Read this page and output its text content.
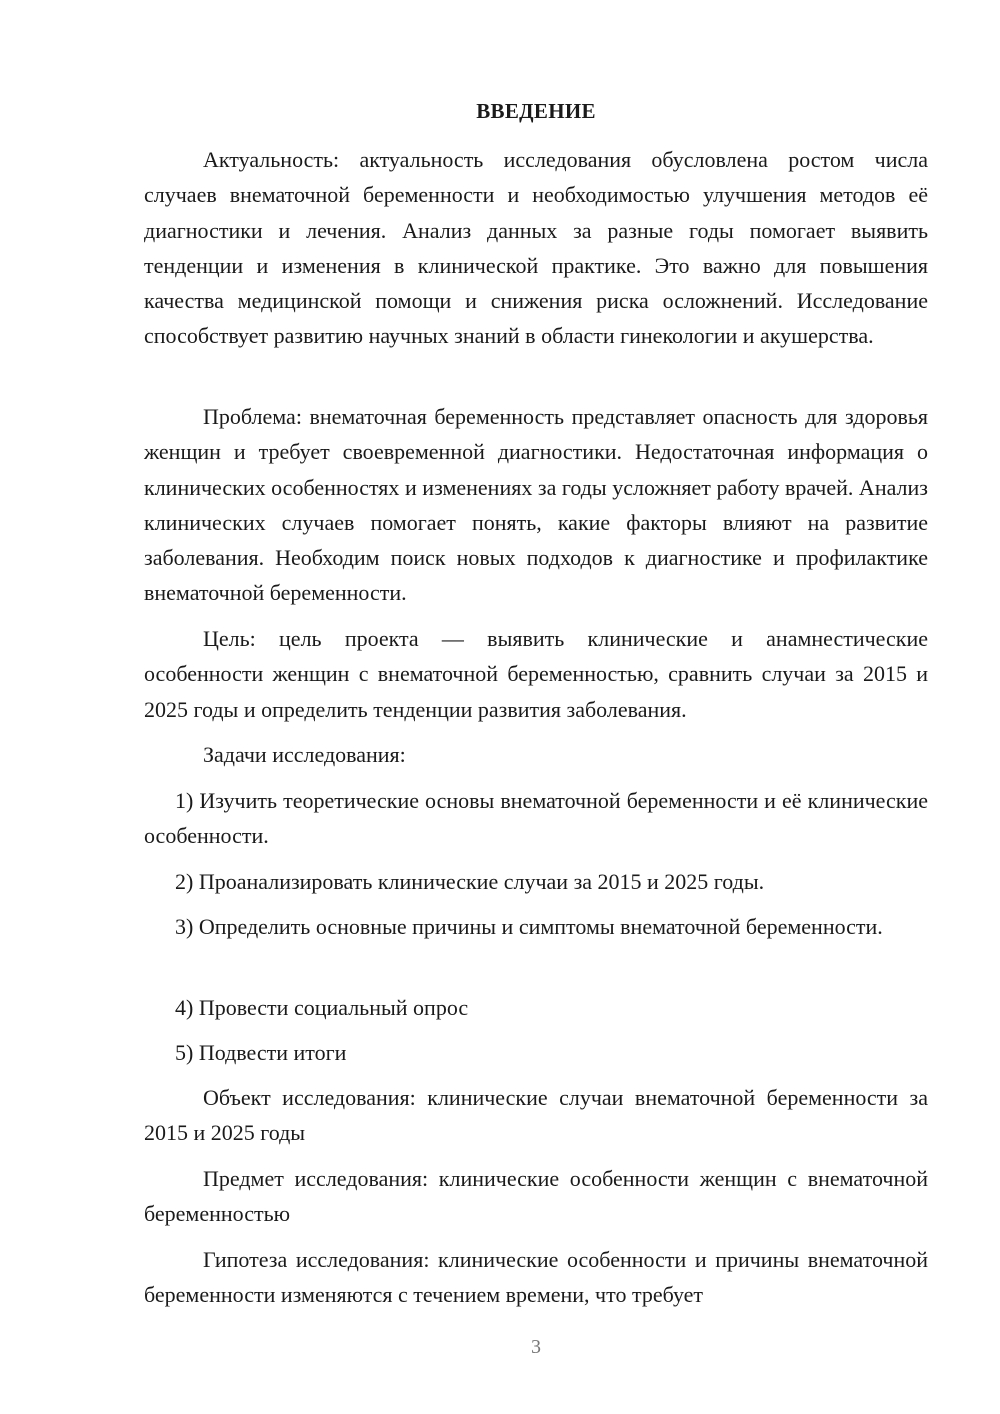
ВВЕДЕНИЕ

Актуальность: актуальность исследования обусловлена ростом числа случаев внематочной беременности и необходимостью улучшения методов её диагностики и лечения. Анализ данных за разные годы помогает выявить тенденции и изменения в клинической практике. Это важно для повышения качества медицинской помощи и снижения риска осложнений. Исследование способствует развитию научных знаний в области гинекологии и акушерства.

Проблема: внематочная беременность представляет опасность для здоровья женщин и требует своевременной диагностики. Недостаточная информация о клинических особенностях и изменениях за годы усложняет работу врачей. Анализ клинических случаев помогает понять, какие факторы влияют на развитие заболевания. Необходим поиск новых подходов к диагностике и профилактике внематочной беременности.

Цель: цель проекта — выявить клинические и анамнестические особенности женщин с внематочной беременностью, сравнить случаи за 2015 и 2025 годы и определить тенденции развития заболевания.

Задачи исследования:

1) Изучить теоретические основы внематочной беременности и её клинические особенности.

2) Проанализировать клинические случаи за 2015 и 2025 годы.

3) Определить основные причины и симптомы внематочной беременности.

4) Провести социальный опрос

5) Подвести итоги

Объект исследования: клинические случаи внематочной беременности за 2015 и 2025 годы

Предмет исследования: клинические особенности женщин с внематочной беременностью

Гипотеза исследования: клинические особенности и причины внематочной беременности изменяются с течением времени, что требует

3
